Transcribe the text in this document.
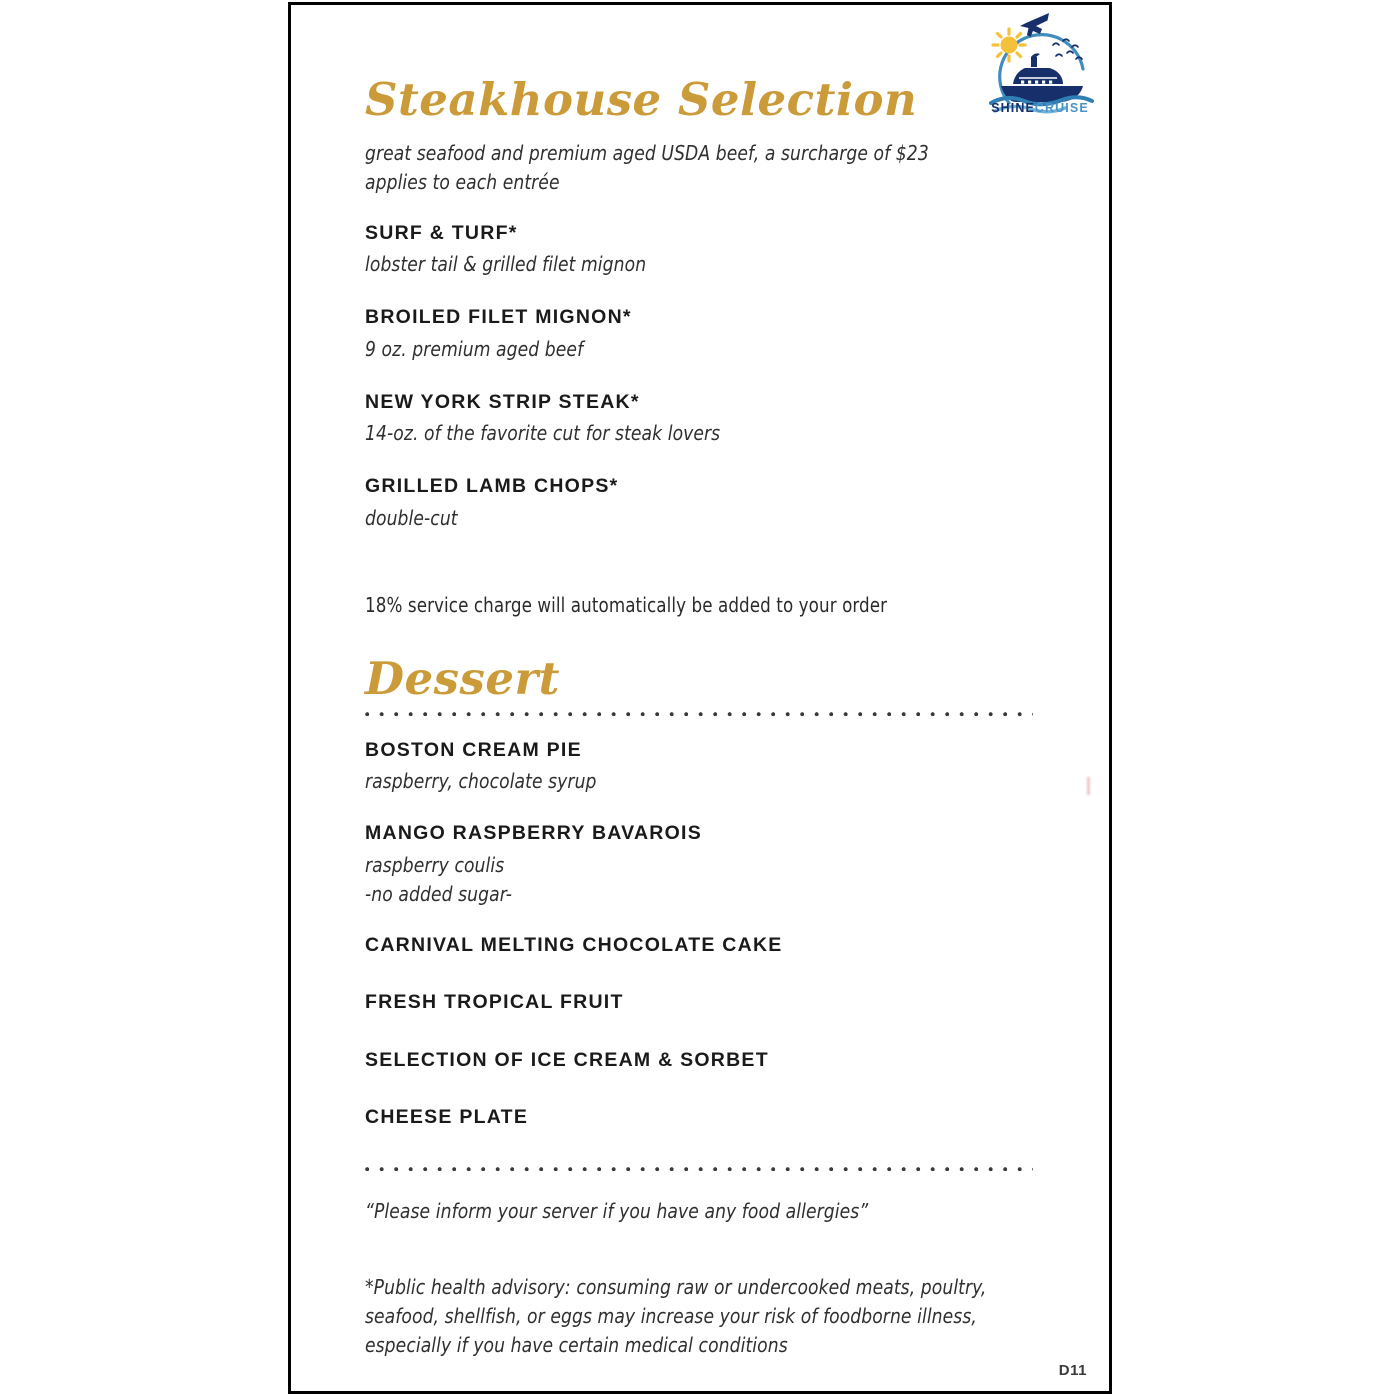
SHINECRUISE
Steakhouse Selection
great seafood and premium aged USDA beef, a surcharge of $23 applies to each entrée
SURF & TURF*
lobster tail & grilled filet mignon
BROILED FILET MIGNON*
9 oz. premium aged beef
NEW YORK STRIP STEAK*
14-oz. of the favorite cut for steak lovers
GRILLED LAMB CHOPS*
double-cut
18% service charge will automatically be added to your order
Dessert
BOSTON CREAM PIE
raspberry, chocolate syrup
MANGO RASPBERRY BAVAROIS
raspberry coulis
-no added sugar-
CARNIVAL MELTING CHOCOLATE CAKE
FRESH TROPICAL FRUIT
SELECTION OF ICE CREAM & SORBET
CHEESE PLATE
“Please inform your server if you have any food allergies”
*Public health advisory: consuming raw or undercooked meats, poultry, seafood, shellfish, or eggs may increase your risk of foodborne illness, especially if you have certain medical conditions
D11
